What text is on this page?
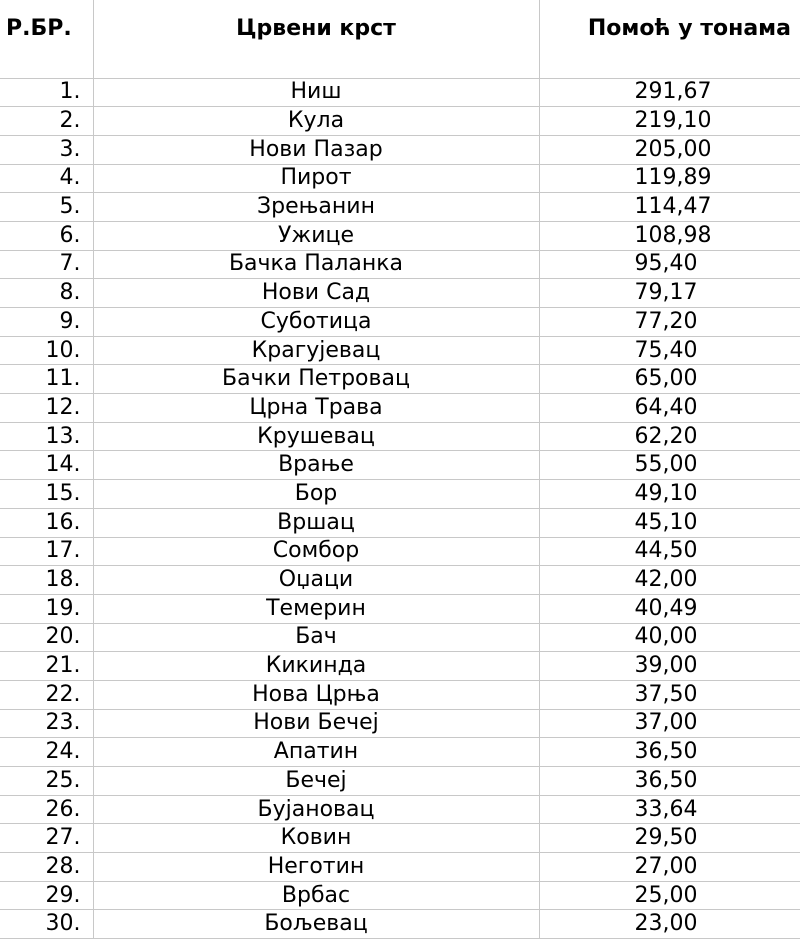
Р.БР.	Црвени крст	Помоћ у тонама
1.	Ниш	291,67
2.	Кула	219,10
3.	Нови Пазар	205,00
4.	Пирот	119,89
5.	Зрењанин	114,47
6.	Ужице	108,98
7.	Бачка Паланка	95,40
8.	Нови Сад	79,17
9.	Суботица	77,20
10.	Крагујевац	75,40
11.	Бачки Петровац	65,00
12.	Црна Трава	64,40
13.	Крушевац	62,20
14.	Врање	55,00
15.	Бор	49,10
16.	Вршац	45,10
17.	Сомбор	44,50
18.	Оџаци	42,00
19.	Темерин	40,49
20.	Бач	40,00
21.	Кикинда	39,00
22.	Нова Црња	37,50
23.	Нови Бечеј	37,00
24.	Апатин	36,50
25.	Бечеј	36,50
26.	Бујановац	33,64
27.	Ковин	29,50
28.	Неготин	27,00
29.	Врбас	25,00
30.	Бољевац	23,00
